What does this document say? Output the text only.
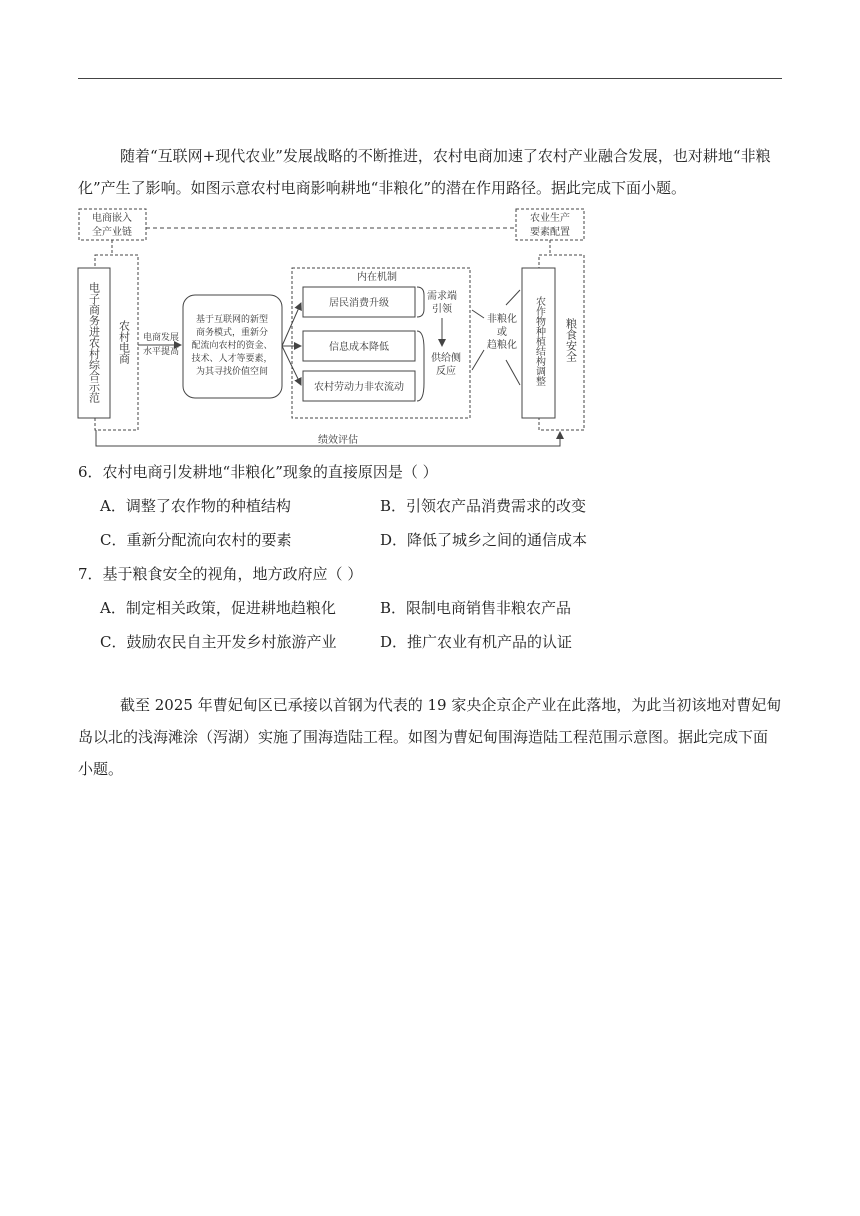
随着“互联网+现代农业”发展战略的不断推进，农村电商加速了农村产业融合发展，也对耕地“非粮化”产生了影响。如图示意农村电商影响耕地“非粮化”的潜在作用路径。据此完成下面小题。

电商嵌入
全产业链
农业生产
要素配置
电子商务进农村综合示范 农村电商 电商发展
水平提高
基于互联网的新型
商务模式，重新分
配流向农村的资金、
技术、人才等要素，
为其寻找价值空间
内在机制
居民消费升级
信息成本降低
农村劳动力非农流动
需求端
引领
供给侧
反应
非粮化
或
趋粮化 农作物种植结构调整 粮食安全
绩效评估
6．农村电商引发耕地“非粮化”现象的直接原因是（ ）
A．调整了农作物的种植结构	B．引领农产品消费需求的改变
C．重新分配流向农村的要素	D．降低了城乡之间的通信成本
7．基于粮食安全的视角，地方政府应（ ）
A．制定相关政策，促进耕地趋粮化	B．限制电商销售非粮农产品
C．鼓励农民自主开发乡村旅游产业	D．推广农业有机产品的认证

截至 2025 年曹妃甸区已承接以首钢为代表的 19 家央企京企产业在此落地，为此当初该地对曹妃甸岛以北的浅海滩涂（泻湖）实施了围海造陆工程。如图为曹妃甸围海造陆工程范围示意图。据此完成下面小题。
